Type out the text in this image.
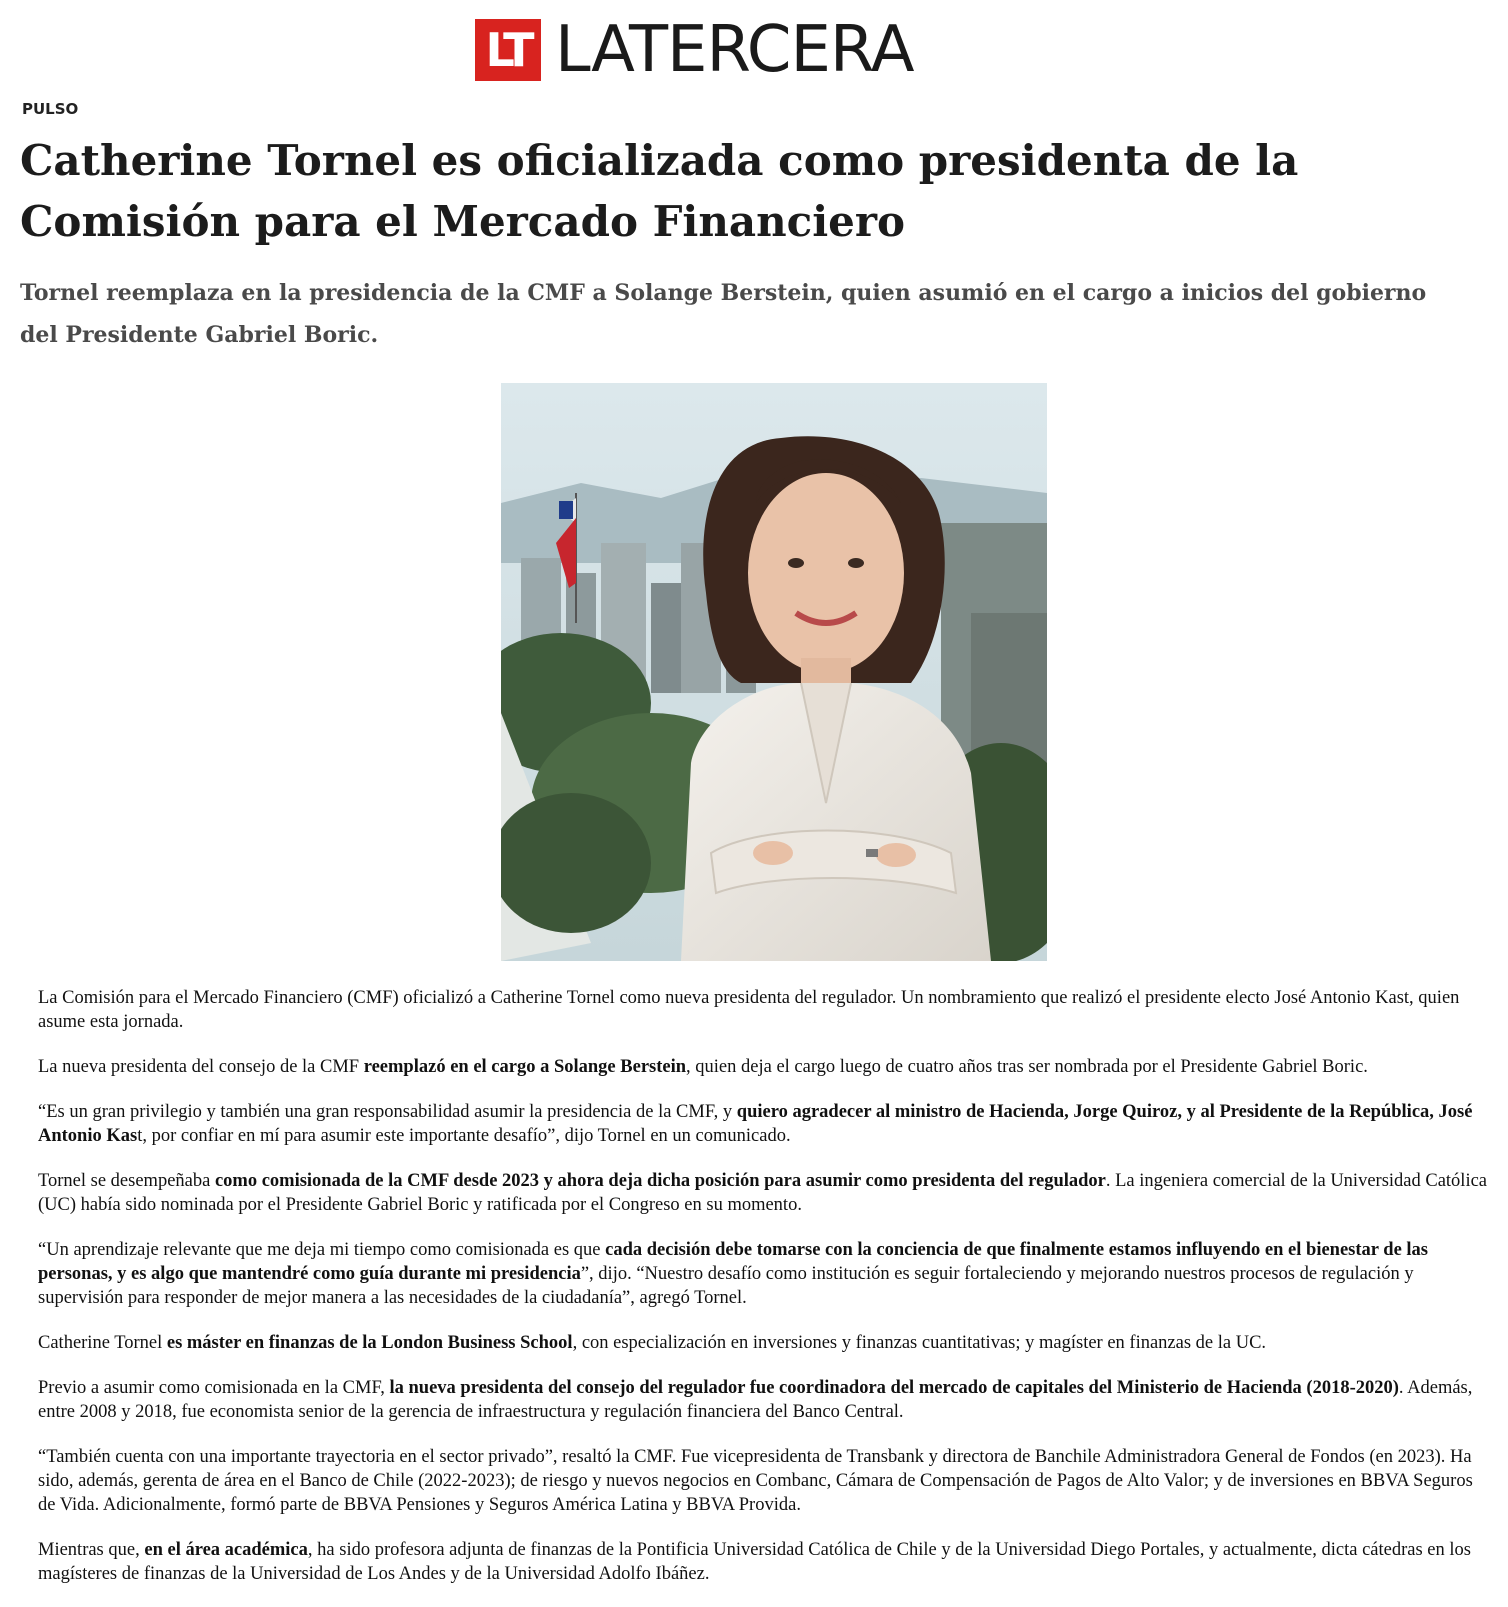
LT LATERCERA
PULSO
Catherine Tornel es oficializada como presidenta de la Comisión para el Mercado Financiero
Tornel reemplaza en la presidencia de la CMF a Solange Berstein, quien asumió en el cargo a inicios del gobierno del Presidente Gabriel Boric.

La Comisión para el Mercado Financiero (CMF) oficializó a Catherine Tornel como nueva presidenta del regulador. Un nombramiento que realizó el presidente electo José Antonio Kast, quien asume esta jornada.

La nueva presidenta del consejo de la CMF reemplazó en el cargo a Solange Berstein, quien deja el cargo luego de cuatro años tras ser nombrada por el Presidente Gabriel Boric.

“Es un gran privilegio y también una gran responsabilidad asumir la presidencia de la CMF, y quiero agradecer al ministro de Hacienda, Jorge Quiroz, y al Presidente de la República, José Antonio Kast, por confiar en mí para asumir este importante desafío”, dijo Tornel en un comunicado.

Tornel se desempeñaba como comisionada de la CMF desde 2023 y ahora deja dicha posición para asumir como presidenta del regulador. La ingeniera comercial de la Universidad Católica (UC) había sido nominada por el Presidente Gabriel Boric y ratificada por el Congreso en su momento.

“Un aprendizaje relevante que me deja mi tiempo como comisionada es que cada decisión debe tomarse con la conciencia de que finalmente estamos influyendo en el bienestar de las personas, y es algo que mantendré como guía durante mi presidencia”, dijo. “Nuestro desafío como institución es seguir fortaleciendo y mejorando nuestros procesos de regulación y supervisión para responder de mejor manera a las necesidades de la ciudadanía”, agregó Tornel.

Catherine Tornel es máster en finanzas de la London Business School, con especialización en inversiones y finanzas cuantitativas; y magíster en finanzas de la UC.

Previo a asumir como comisionada en la CMF, la nueva presidenta del consejo del regulador fue coordinadora del mercado de capitales del Ministerio de Hacienda (2018-2020). Además, entre 2008 y 2018, fue economista senior de la gerencia de infraestructura y regulación financiera del Banco Central.

“También cuenta con una importante trayectoria en el sector privado”, resaltó la CMF. Fue vicepresidenta de Transbank y directora de Banchile Administradora General de Fondos (en 2023). Ha sido, además, gerenta de área en el Banco de Chile (2022-2023); de riesgo y nuevos negocios en Combanc, Cámara de Compensación de Pagos de Alto Valor; y de inversiones en BBVA Seguros de Vida. Adicionalmente, formó parte de BBVA Pensiones y Seguros América Latina y BBVA Provida.

Mientras que, en el área académica, ha sido profesora adjunta de finanzas de la Pontificia Universidad Católica de Chile y de la Universidad Diego Portales, y actualmente, dicta cátedras en los magísteres de finanzas de la Universidad de Los Andes y de la Universidad Adolfo Ibáñez.
